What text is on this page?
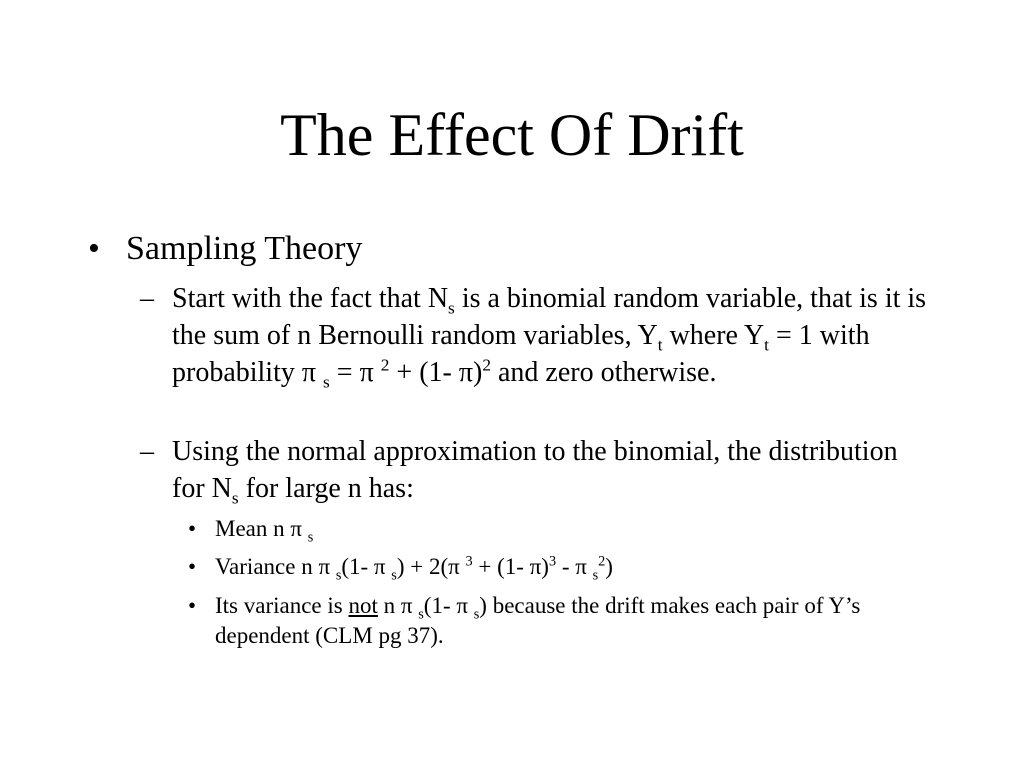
The Effect Of Drift
• Sampling Theory
– Start with the fact that $N_s$ is a binomial random variable, that is it is the sum of n Bernoulli random variables, $Y_t$ where $Y_t = 1$ with probability π $_s$ = π $^2$ + (1- π)$^2$ and zero otherwise.
– Using the normal approximation to the binomial, the distribution for $N_s$ for large n has:
• Mean n π $_s$
• Variance n π $_s$(1- π $_s$) + 2(π $^3$ + (1- π)$^3$ - π $_s^2$)
• Its variance is not n π $_s$(1- π $_s$) because the drift makes each pair of Y’s dependent (CLM pg 37).
